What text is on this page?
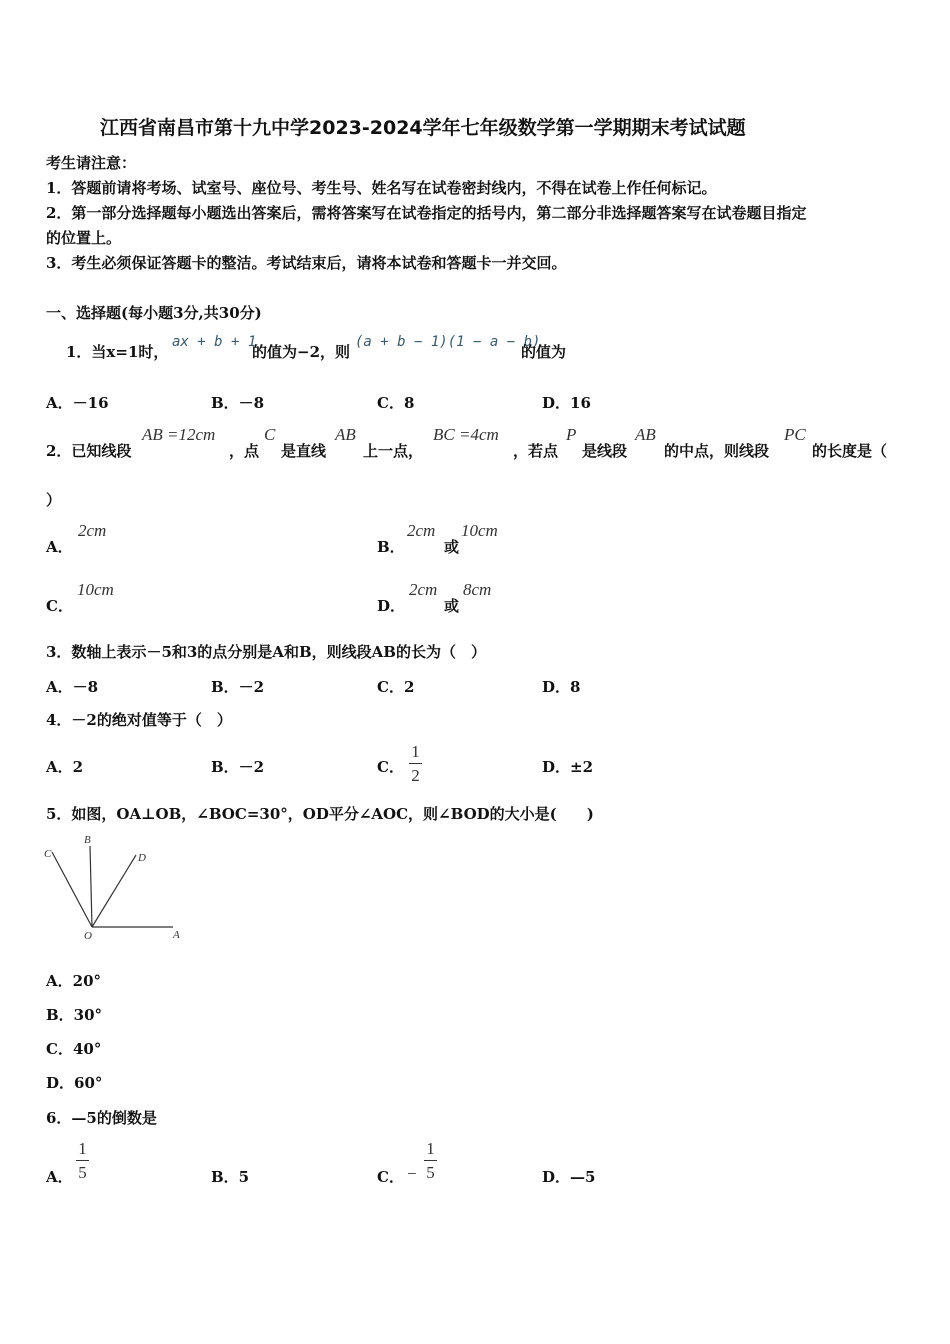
江西省南昌市第十九中学2023-2024学年七年级数学第一学期期末考试试题
考生请注意：
1．答题前请将考场、试室号、座位号、考生号、姓名写在试卷密封线内，不得在试卷上作任何标记。
2．第一部分选择题每小题选出答案后，需将答案写在试卷指定的括号内，第二部分非选择题答案写在试卷题目指定
的位置上。
3．考生必须保证答题卡的整洁。考试结束后，请将本试卷和答题卡一并交回。
一、选择题(每小题3分,共30分)
1．当x=1时，
ax + b + 1
的值为−2，则
(a + b − 1)(1 − a − b)
的值为
A．－16	B．－8	C．8	D．16
2．已知线段
AB =12cm
，点
C
是直线
AB
上一点，
BC =4cm
，若点
P
是线段
AB
的中点，则线段
PC
的长度是（
）
A．
2cm
B．
2cm
或
10cm
C．
10cm
D．
2cm
或
8cm
3．数轴上表示－5和3的点分别是A和B，则线段AB的长为（　）
A．－8	B．－2	C．2	D．8
4．－2的绝对值等于（　）
A．2	B．－2	C．
1
2	D．±2
5．如图，OA⊥OB，∠BOC=30°，OD平分∠AOC，则∠BOD的大小是(　　)
C
B
D
O	A
A．20°
B．30°
C．40°
D．60°
6．—5的倒数是
A．
1
5	B．5	C． −
1
5	D．—5
